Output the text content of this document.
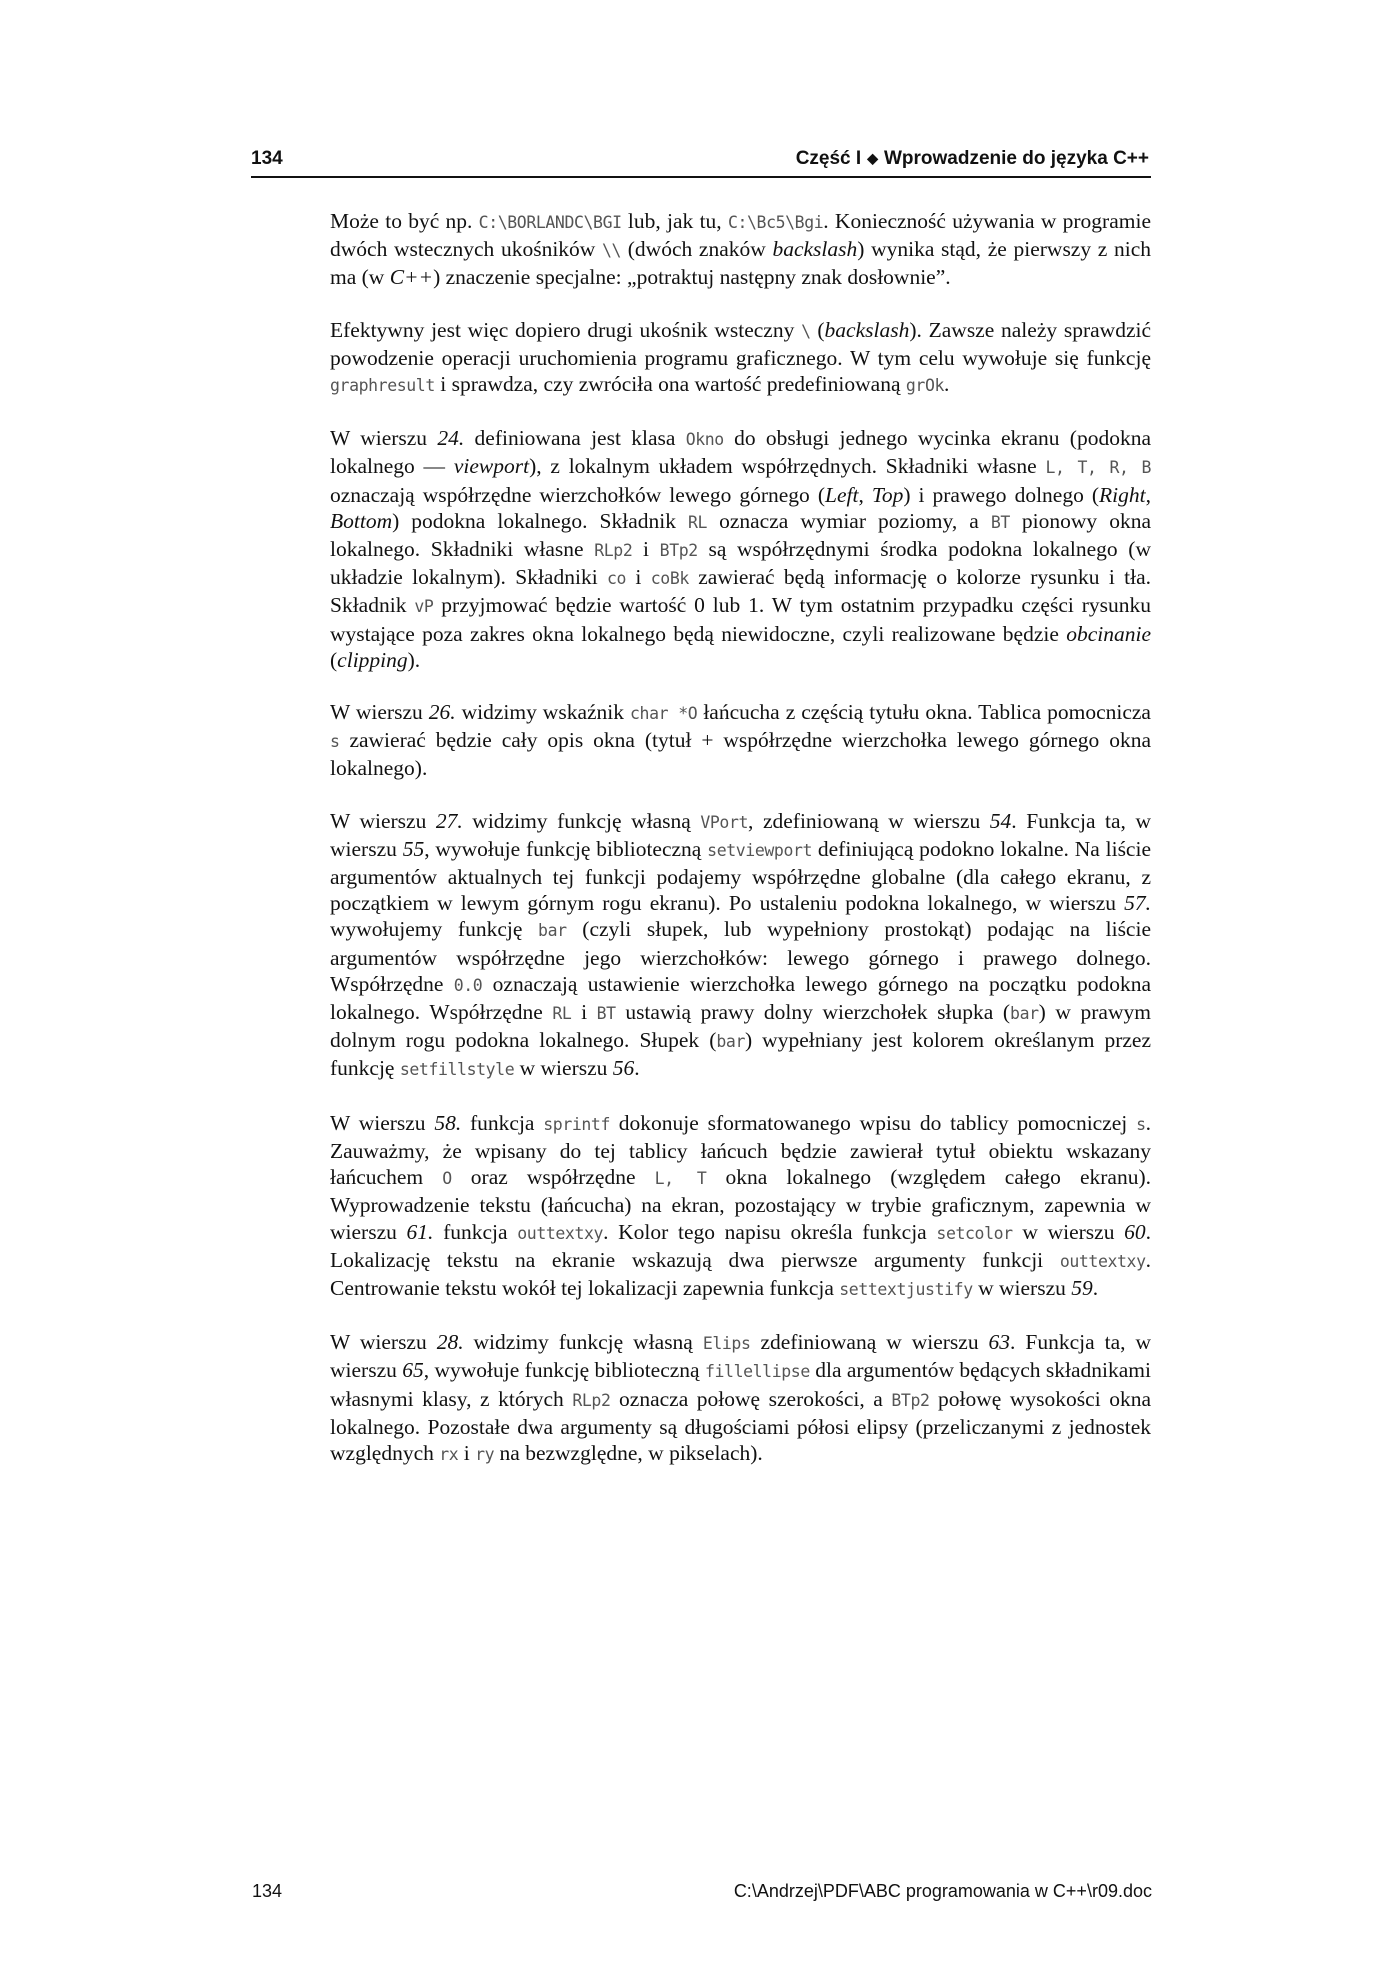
134	Część I ◆ Wprowadzenie do języka C++

Może to być np. C:\BORLANDC\BGI lub, jak tu, C:\Bc5\Bgi. Konieczność używania w programie dwóch wstecznych ukośników \\ (dwóch znaków backslash) wynika stąd, że pierwszy z nich ma (w C++) znaczenie specjalne: „potraktuj następny znak dosłownie”.

Efektywny jest więc dopiero drugi ukośnik wsteczny \ (backslash). Zawsze należy sprawdzić powodzenie operacji uruchomienia programu graficznego. W tym celu wywołuje się funkcję graphresult i sprawdza, czy zwróciła ona wartość predefiniowaną grOk.

W wierszu 24. definiowana jest klasa Okno do obsługi jednego wycinka ekranu (podokna lokalnego — viewport), z lokalnym układem współrzędnych. Składniki własne L, T, R, B oznaczają współrzędne wierzchołków lewego górnego (Left, Top) i prawego dolnego (Right, Bottom) podokna lokalnego. Składnik RL oznacza wymiar poziomy, a BT pionowy okna lokalnego. Składniki własne RLp2 i BTp2 są współrzędnymi środka podokna lokalnego (w układzie lokalnym). Składniki co i coBk zawierać będą informację o kolorze rysunku i tła. Składnik vP przyjmować będzie wartość 0 lub 1. W tym ostatnim przypadku części rysunku wystające poza zakres okna lokalnego będą niewidoczne, czyli realizowane będzie obcinanie (clipping).

W wierszu 26. widzimy wskaźnik char *O łańcucha z częścią tytułu okna. Tablica pomocnicza s zawierać będzie cały opis okna (tytuł + współrzędne wierzchołka lewego górnego okna lokalnego).

W wierszu 27. widzimy funkcję własną VPort, zdefiniowaną w wierszu 54. Funkcja ta, w wierszu 55, wywołuje funkcję biblioteczną setviewport definiującą podokno lokalne. Na liście argumentów aktualnych tej funkcji podajemy współrzędne globalne (dla całego ekranu, z początkiem w lewym górnym rogu ekranu). Po ustaleniu podokna lokalnego, w wierszu 57. wywołujemy funkcję bar (czyli słupek, lub wypełniony prostokąt) podając na liście argumentów współrzędne jego wierzchołków: lewego górnego i prawego dolnego. Współrzędne 0.0 oznaczają ustawienie wierzchołka lewego górnego na początku podokna lokalnego. Współrzędne RL i BT ustawią prawy dolny wierzchołek słupka (bar) w prawym dolnym rogu podokna lokalnego. Słupek (bar) wypełniany jest kolorem określanym przez funkcję setfillstyle w wierszu 56.

W wierszu 58. funkcja sprintf dokonuje sformatowanego wpisu do tablicy pomocniczej s. Zauważmy, że wpisany do tej tablicy łańcuch będzie zawierał tytuł obiektu wskazany łańcuchem O oraz współrzędne L, T okna lokalnego (względem całego ekranu). Wyprowadzenie tekstu (łańcucha) na ekran, pozostający w trybie graficznym, zapewnia w wierszu 61. funkcja outtextxy. Kolor tego napisu określa funkcja setcolor w wierszu 60. Lokalizację tekstu na ekranie wskazują dwa pierwsze argumenty funkcji outtextxy. Centrowanie tekstu wokół tej lokalizacji zapewnia funkcja settextjustify w wierszu 59.

W wierszu 28. widzimy funkcję własną Elips zdefiniowaną w wierszu 63. Funkcja ta, w wierszu 65, wywołuje funkcję biblioteczną fillellipse dla argumentów będących składnikami własnymi klasy, z których RLp2 oznacza połowę szerokości, a BTp2 połowę wysokości okna lokalnego. Pozostałe dwa argumenty są długościami półosi elipsy (przeliczanymi z jednostek względnych rx i ry na bezwzględne, w pikselach).

134	C:\Andrzej\PDF\ABC programowania w C++\r09.doc
